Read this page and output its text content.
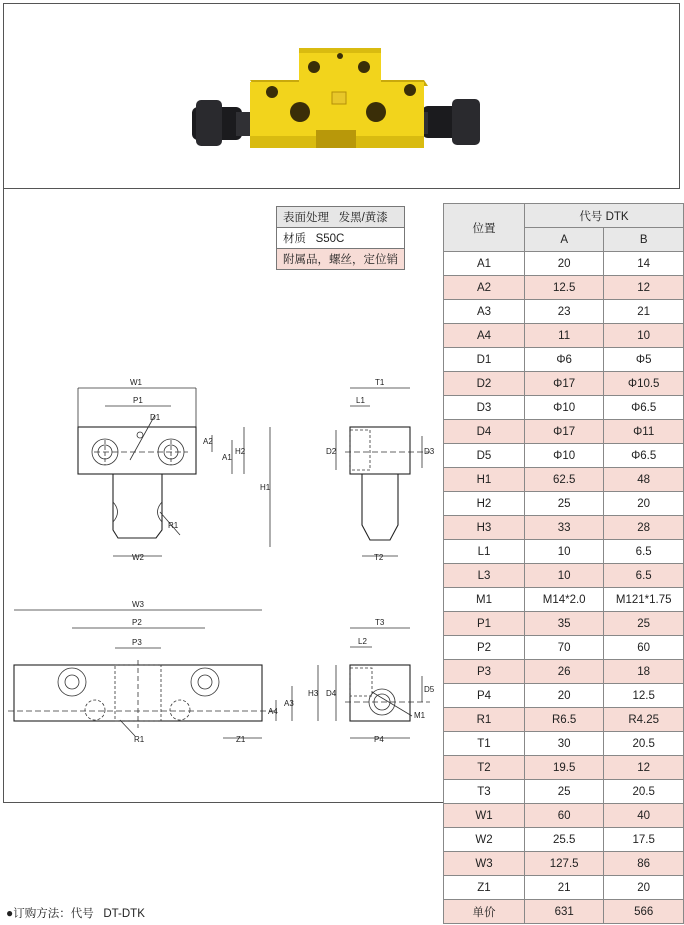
表面处理 发黑/黄漆
材质 S50C
附属品，螺丝，定位销
W1
P1
D1
A2
A1
H2
H1
R1
W2
T1
L1
D2	D3
T2
W3
P2
P3
A4
A3
H3
Z1
R1
T3
L2
D4	D5
M1
P4
位置	代号 DTK	
	A	B
A1	20	14
A2	12.5	12
A3	23	21
A4	11	10
D1	Φ6	Φ5
D2	Φ17	Φ10.5
D3	Φ10	Φ6.5
D4	Φ17	Φ11
D5	Φ10	Φ6.5
H1	62.5	48
H2	25	20
H3	33	28
L1	10	6.5
L3	10	6.5
M1	M14*2.0	M121*1.75
P1	35	25
P2	70	60
P3	26	18
P4	20	12.5
R1	R6.5	R4.25
T1	30	20.5
T2	19.5	12
T3	25	20.5
W1	60	40
W2	25.5	17.5
W3	127.5	86
Z1	21	20
单价	631	566
●订购方法：代号 DT-DTK
